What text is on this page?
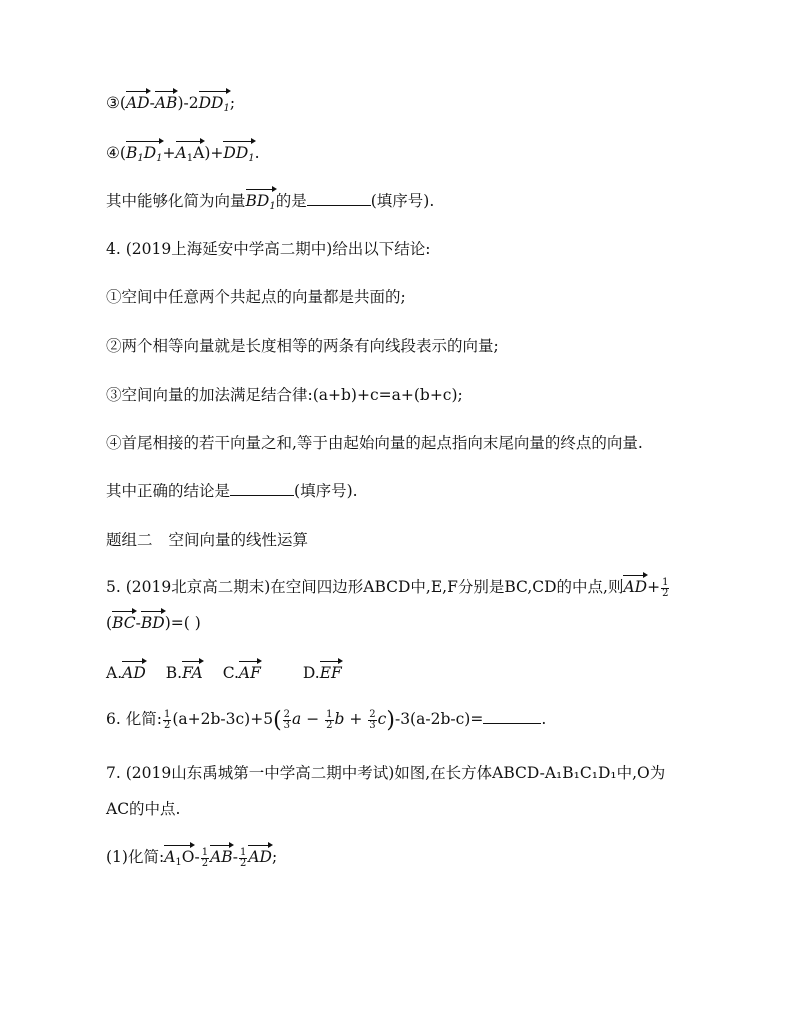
$③(AD-AB)-2DD_1$;
$④(B_1D_1+A_1A)+DD_1$.
其中能够化简为向量$BD_1$的是	(填序号).
4. (2019上海延安中学高二期中)给出以下结论:
①空间中任意两个共起点的向量都是共面的;
②两个相等向量就是长度相等的两条有向线段表示的向量;
③空间向量的加法满足结合律:(a+b)+c=a+(b+c);
④首尾相接的若干向量之和,等于由起始向量的起点指向末尾向量的终点的向量.
其中正确的结论是	(填序号).
题组二 空间向量的线性运算
5. (2019北京高二期末)在空间四边形ABCD中,E,F分别是BC,CD的中点,则$AD+ \frac{1}{2}$
(BC-BD)=( )
A.AD B.FA C.AF	D.EF
6. 化简: $\frac{1}{2} (a+2b-3c)+5( \frac{2}{3}$ $a - \frac{1}{2}$ $b + \frac{2}{3} c)-3(a-2b-c)=$	.
7. (2019山东禹城第一中学高二期中考试)如图,在长方体ABCD-A₁B₁C₁D₁中,O为
AC的中点.
(1)化简$:A_1O- \frac{1}{2} AB- \frac{1}{2}$ AD;
